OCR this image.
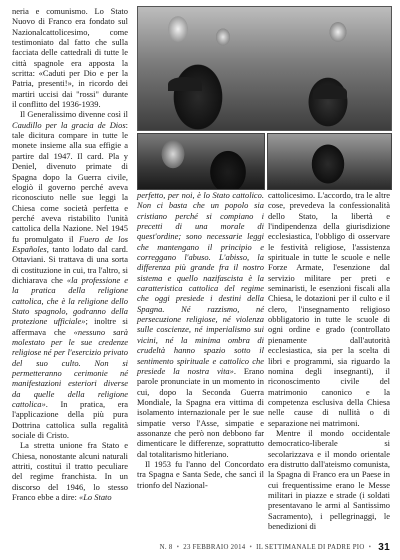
neria e comunismo. Lo Stato Nuovo di Franco era fondato sul Nazionalcattolicesimo, come testimoniato dal fatto che sulla facciata delle cattedrali di tutte le città spagnole era apposta la scritta: «Caduti per Dio e per la Patria, presenti!», in ricordo dei martiri uccisi dai "rossi" durante il conflitto del 1936-1939.

Il Generalissimo divenne così il Caudillo per la gracia de Dios: tale dicitura compare in tutte le monete insieme alla sua effigie a partire dal 1947. Il card. Pla y Deniel, divenuto primate di Spagna dopo la Guerra civile, elogiò il governo perché aveva riconosciuto nelle sue leggi la Chiesa come società perfetta e perché aveva ristabilito l'unità cattolica della Nazione. Nel 1945 fu promulgato il Fuero de los Españoles, tanto lodato dal card. Ottaviani. Si trattava di una sorta di costituzione in cui, tra l'altro, si dichiarava che «la professione e la pratica della religione cattolica, che è la religione dello Stato spagnolo, godranno della protezione ufficiale»; inoltre si affermava che «nessuno sarà molestato per le sue credenze religiose né per l'esercizio privato del suo culto. Non si permetteranno cerimonie né manifestazioni esteriori diverse da quelle della religione cattolica». In pratica, era l'applicazione della più pura Dottrina cattolica sulla regalità sociale di Cristo.

La stretta unione fra Stato e Chiesa, nonostante alcuni naturali attriti, costituì il tratto peculiare del regime franchista. In un discorso del 1946, lo stesso Franco ebbe a dire: «Lo Stato

perfetto, per noi, è lo Stato cattolico. Non ci basta che un popolo sia cristiano perché si compiano i precetti di una morale di quest'ordine; sono necessarie leggi che mantengano il principio e correggano l'abuso. L'abisso, la differenza più grande fra il nostro sistema e quello nazifascista è la caratteristica cattolica del regime che oggi presiede i destini della Spagna. Né razzismo, né persecuzione religiose, né violenza sulle coscienze, né imperialismo sui vicini, né la minima ombra di crudeltà hanno spazio sotto il sentimento spirituale e cattolico che presiede la nostra vita». Erano parole pronunciate in un momento in cui, dopo la Seconda Guerra Mondiale, la Spagna era vittima di isolamento internazionale per le sue simpatie verso l'Asse, simpatie e assonanze che però non debbono far dimenticare le differenze, soprattutto dal totalitarismo hitleriano.

Il 1953 fu l'anno del Concordato tra Spagna e Santa Sede, che sancì il trionfo del Nazional-

cattolicesimo. L'accordo, tra le altre cose, prevedeva la confessionalità dello Stato, la libertà e l'indipendenza della giurisdizione ecclesiastica, l'obbligo di osservare le festività religiose, l'assistenza spirituale in tutte le scuole e nelle Forze Armate, l'esenzione dal servizio militare per preti e seminaristi, le esenzioni fiscali alla Chiesa, le dotazioni per il culto e il clero, l'insegnamento religioso obbligatorio in tutte le scuole di ogni ordine e grado (controllato pienamente dall'autorità ecclesiastica, sia per la scelta di libri e programmi, sia riguardo la nomina degli insegnanti), il riconoscimento civile del matrimonio canonico e la competenza esclusiva della Chiesa nelle cause di nullità o di separazione nei matrimoni.

Mentre il mondo occidentale democratico-liberale si secolarizzava e il mondo orientale era distrutto dall'ateismo comunista, la Spagna di Franco era un Paese in cui frequentissime erano le Messe militari in piazze e strade (i soldati presentavano le armi al Santissimo Sacramento), i pellegrinaggi, le benedizioni di

N. 8 • 23 FEBBRAIO 2014 • IL SETTIMANALE DI PADRE PIO • 31
